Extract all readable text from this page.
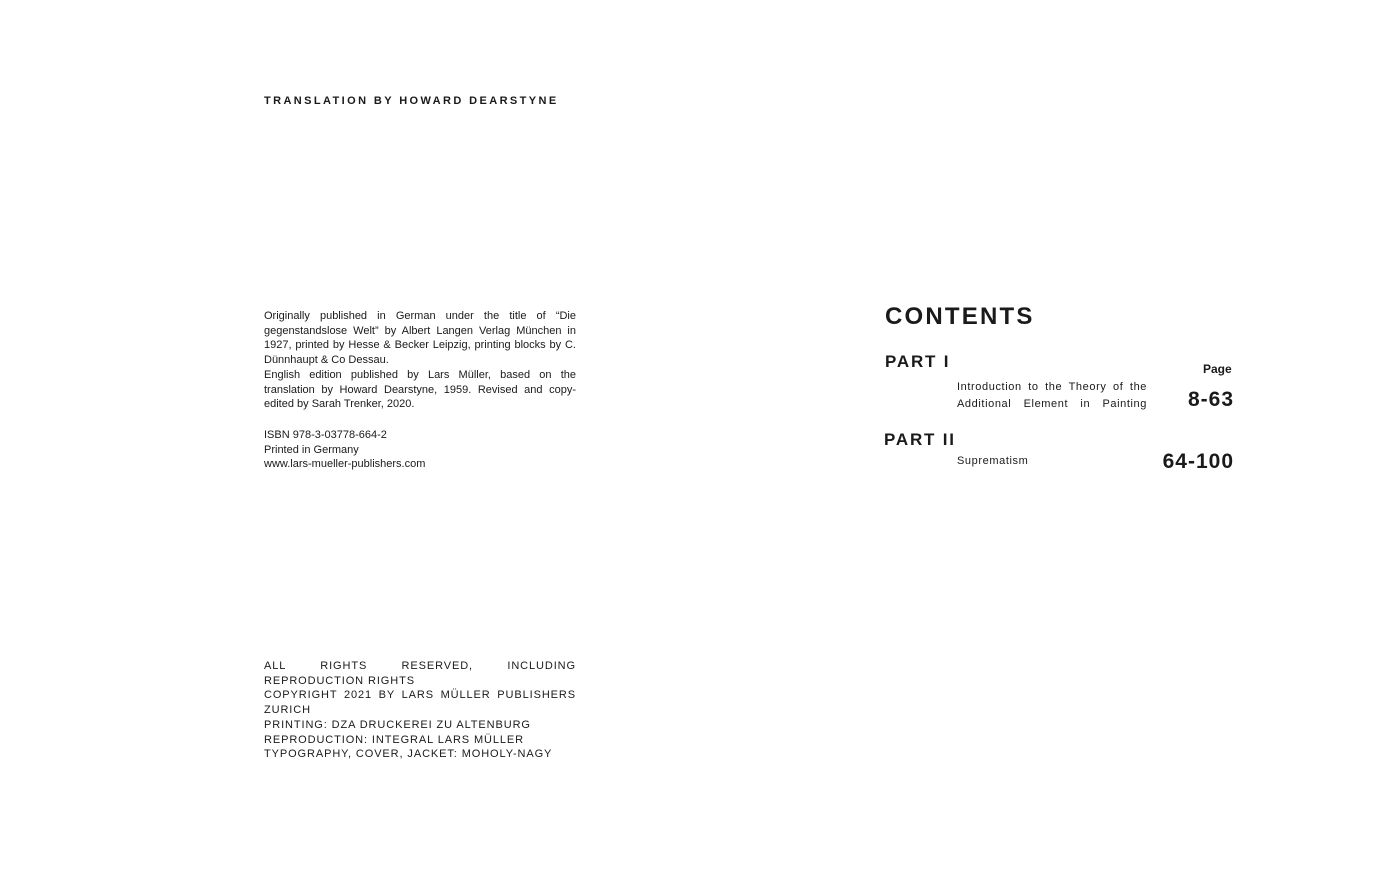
TRANSLATION BY HOWARD DEARSTYNE

Originally published in German under the title of “Die gegenstandslose Welt” by Albert Langen Verlag München in 1927, printed by Hesse & Becker Leipzig, printing blocks by C. Dünnhaupt & Co Dessau.

English edition published by Lars Müller, based on the translation by Howard Dearstyne, 1959. Revised and copy-edited by Sarah Trenker, 2020.

ISBN 978-3-03778-664-2
Printed in Germany
www.lars-mueller-publishers.com
ALL RIGHTS RESERVED, INCLUDING REPRODUCTION RIGHTS
COPYRIGHT 2021 BY LARS MÜLLER PUBLISHERS ZURICH
PRINTING: DZA DRUCKEREI ZU ALTENBURG
REPRODUCTION: INTEGRAL LARS MÜLLER
TYPOGRAPHY, COVER, JACKET: MOHOLY-NAGY
CONTENTS
PART I	Page
Introduction to the Theory of the Additional Element in Painting 8-63
PART II
Suprematism	64-100
